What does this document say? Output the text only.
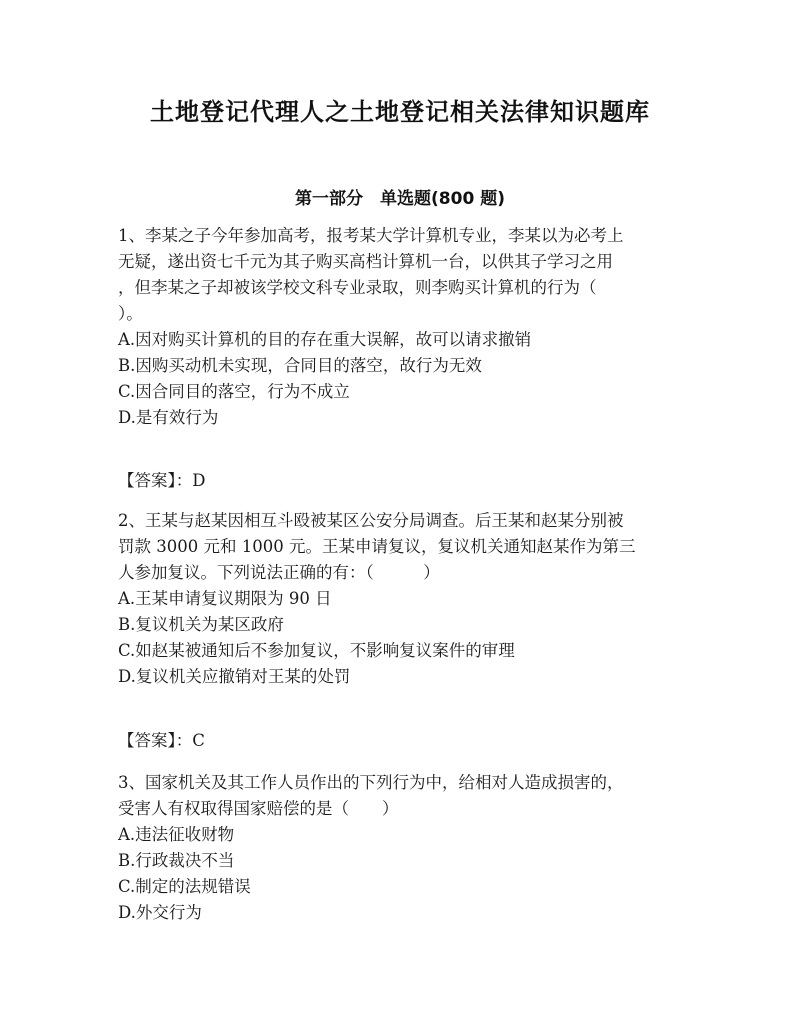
土地登记代理人之土地登记相关法律知识题库
第一部分　单选题(800 题)
1、李某之子今年参加高考，报考某大学计算机专业，李某以为必考上
无疑，遂出资七千元为其子购买高档计算机一台，以供其子学习之用
，但李某之子却被该学校文科专业录取，则李购买计算机的行为（
）。
A.因对购买计算机的目的存在重大误解，故可以请求撤销
B.因购买动机未实现，合同目的落空，故行为无效
C.因合同目的落空，行为不成立
D.是有效行为
【答案】：D
2、王某与赵某因相互斗殴被某区公安分局调查。后王某和赵某分别被
罚款 3000 元和 1000 元。王某申请复议，复议机关通知赵某作为第三
人参加复议。下列说法正确的有：（　　　）
A.王某申请复议期限为 90 日
B.复议机关为某区政府
C.如赵某被通知后不参加复议，不影响复议案件的审理
D.复议机关应撤销对王某的处罚
【答案】：C
3、国家机关及其工作人员作出的下列行为中，给相对人造成损害的，
受害人有权取得国家赔偿的是（　　）
A.违法征收财物
B.行政裁决不当
C.制定的法规错误
D.外交行为
